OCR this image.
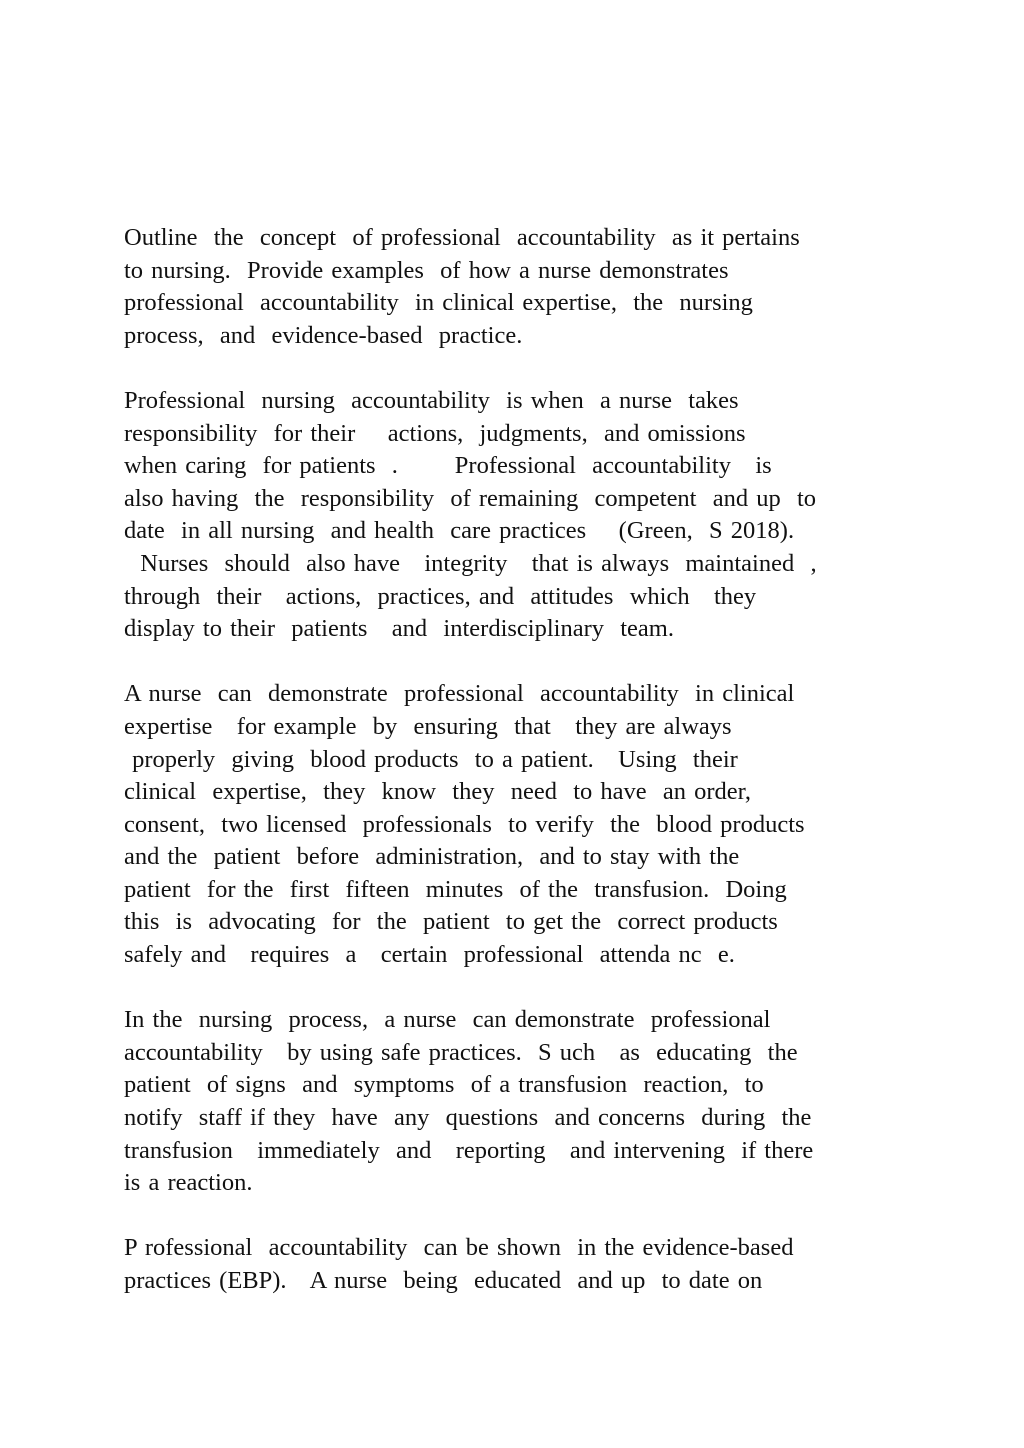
Outline  the  concept  of professional  accountability  as it pertains
to nursing.  Provide examples  of how a nurse demonstrates
professional  accountability  in clinical expertise,  the  nursing
process,  and  evidence-based  practice.

Professional  nursing  accountability  is when  a nurse  takes
responsibility  for their    actions,  judgments,  and omissions
when caring  for patients  .       Professional  accountability   is
also having  the  responsibility  of remaining  competent  and up  to
date  in all nursing  and health  care practices    (Green,  S 2018).
Nurses  should  also have   integrity   that is always  maintained  ,
through  their   actions,  practices, and  attitudes  which   they
display to their  patients   and  interdisciplinary  team.

A nurse  can  demonstrate  professional  accountability  in clinical
expertise   for example  by  ensuring  that   they are always
properly  giving  blood products  to a patient.   Using  their
clinical  expertise,  they  know  they  need  to have  an order,
consent,  two licensed  professionals  to verify  the  blood products
and the  patient  before  administration,  and to stay with the
patient  for the  first  fifteen  minutes  of the  transfusion.  Doing
this  is  advocating  for  the  patient  to get the  correct products
safely and   requires  a   certain  professional  attenda nc  e.

In the  nursing  process,  a nurse  can demonstrate  professional
accountability   by using safe practices.  S uch   as  educating  the
patient  of signs  and  symptoms  of a transfusion  reaction,  to
notify  staff if they  have  any  questions  and concerns  during  the
transfusion   immediately  and   reporting   and intervening  if there
is a reaction.

P rofessional  accountability  can be shown  in the evidence-based
practices (EBP).   A nurse  being  educated  and up  to date on
